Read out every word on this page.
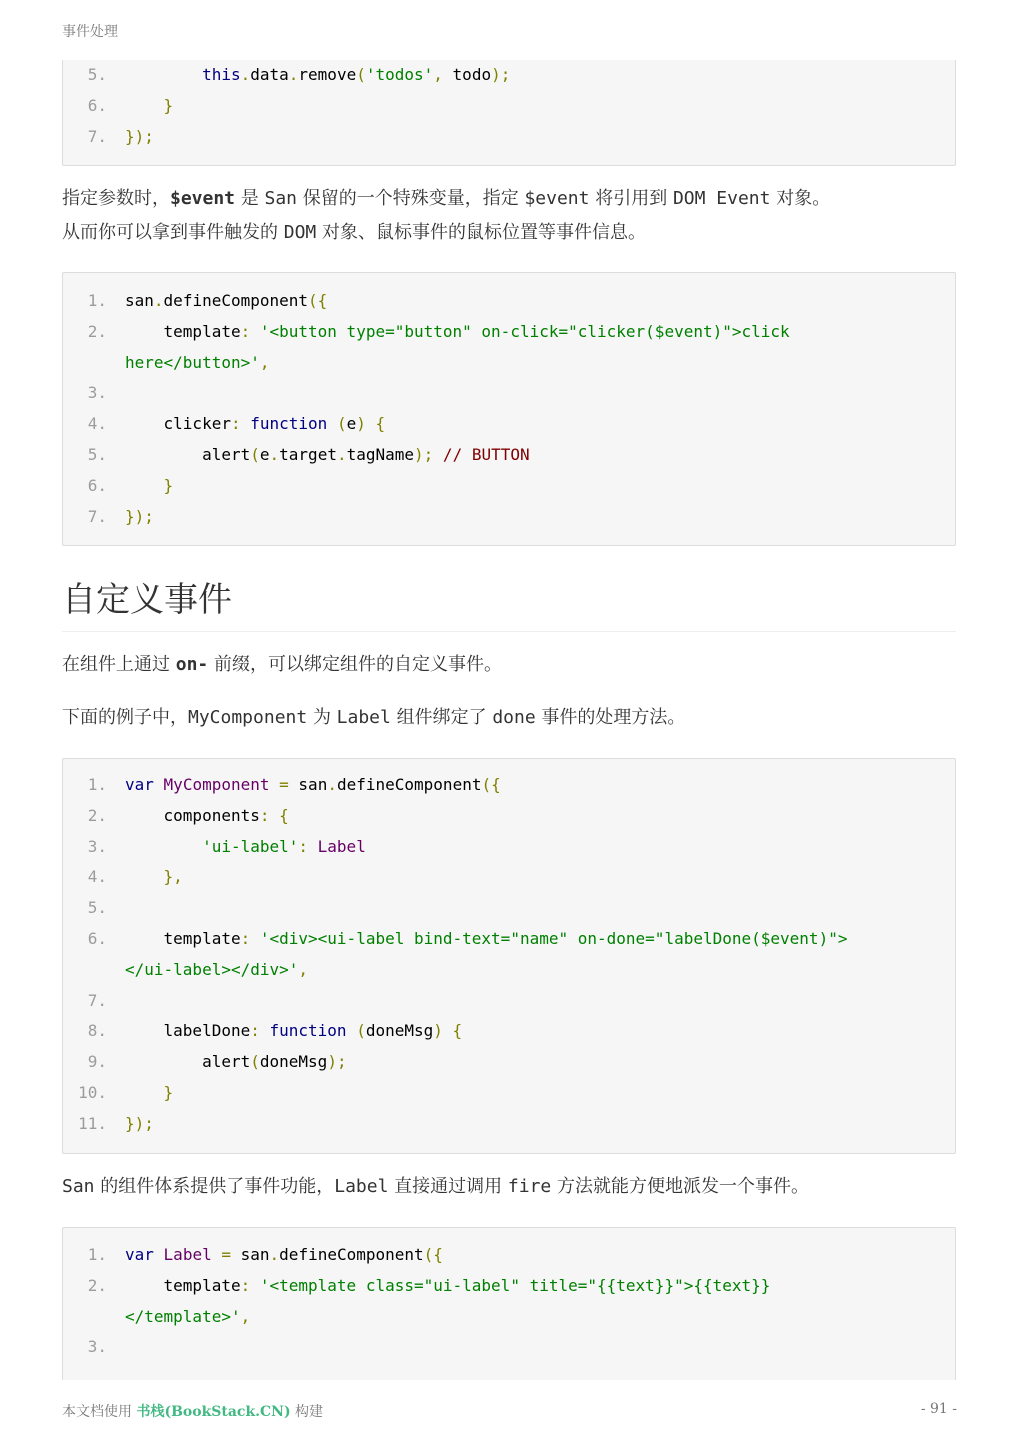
事件处理
5.	this.data.remove('todos', todo);
6.	}
7. });
指定参数时，$event 是 San 保留的一个特殊变量，指定 $event 将引用到 DOM Event 对象。
从而你可以拿到事件触发的 DOM 对象、鼠标事件的鼠标位置等事件信息。
1. san.defineComponent({
2. template: '<button type="button" on-click="clicker($event)">click
here</button>',
3.
4. clicker: function (e) {
5. alert(e.target.tagName); // BUTTON
6.	}
7. });
自定义事件
在组件上通过 on- 前缀，可以绑定组件的自定义事件。
下面的例子中，MyComponent 为 Label 组件绑定了 done 事件的处理方法。
1. var MyComponent = san.defineComponent({
2. components: {
3.	'ui-label': Label
4.	},
5.
6. template: '<div><ui-label bind-text="name" on-done="labelDone($event)">
</ui-label></div>',
7.
8. labelDone: function (doneMsg) {
9. alert(doneMsg);
10.	}
11. });
San 的组件体系提供了事件功能，Label 直接通过调用 fire 方法就能方便地派发一个事件。
1. var Label = san.defineComponent({
2. template: '<template class="ui-label" title="{{text}}">{{text}}
</template>',
3.
本文档使用 书栈(BookStack.CN) 构建	- 91 -
